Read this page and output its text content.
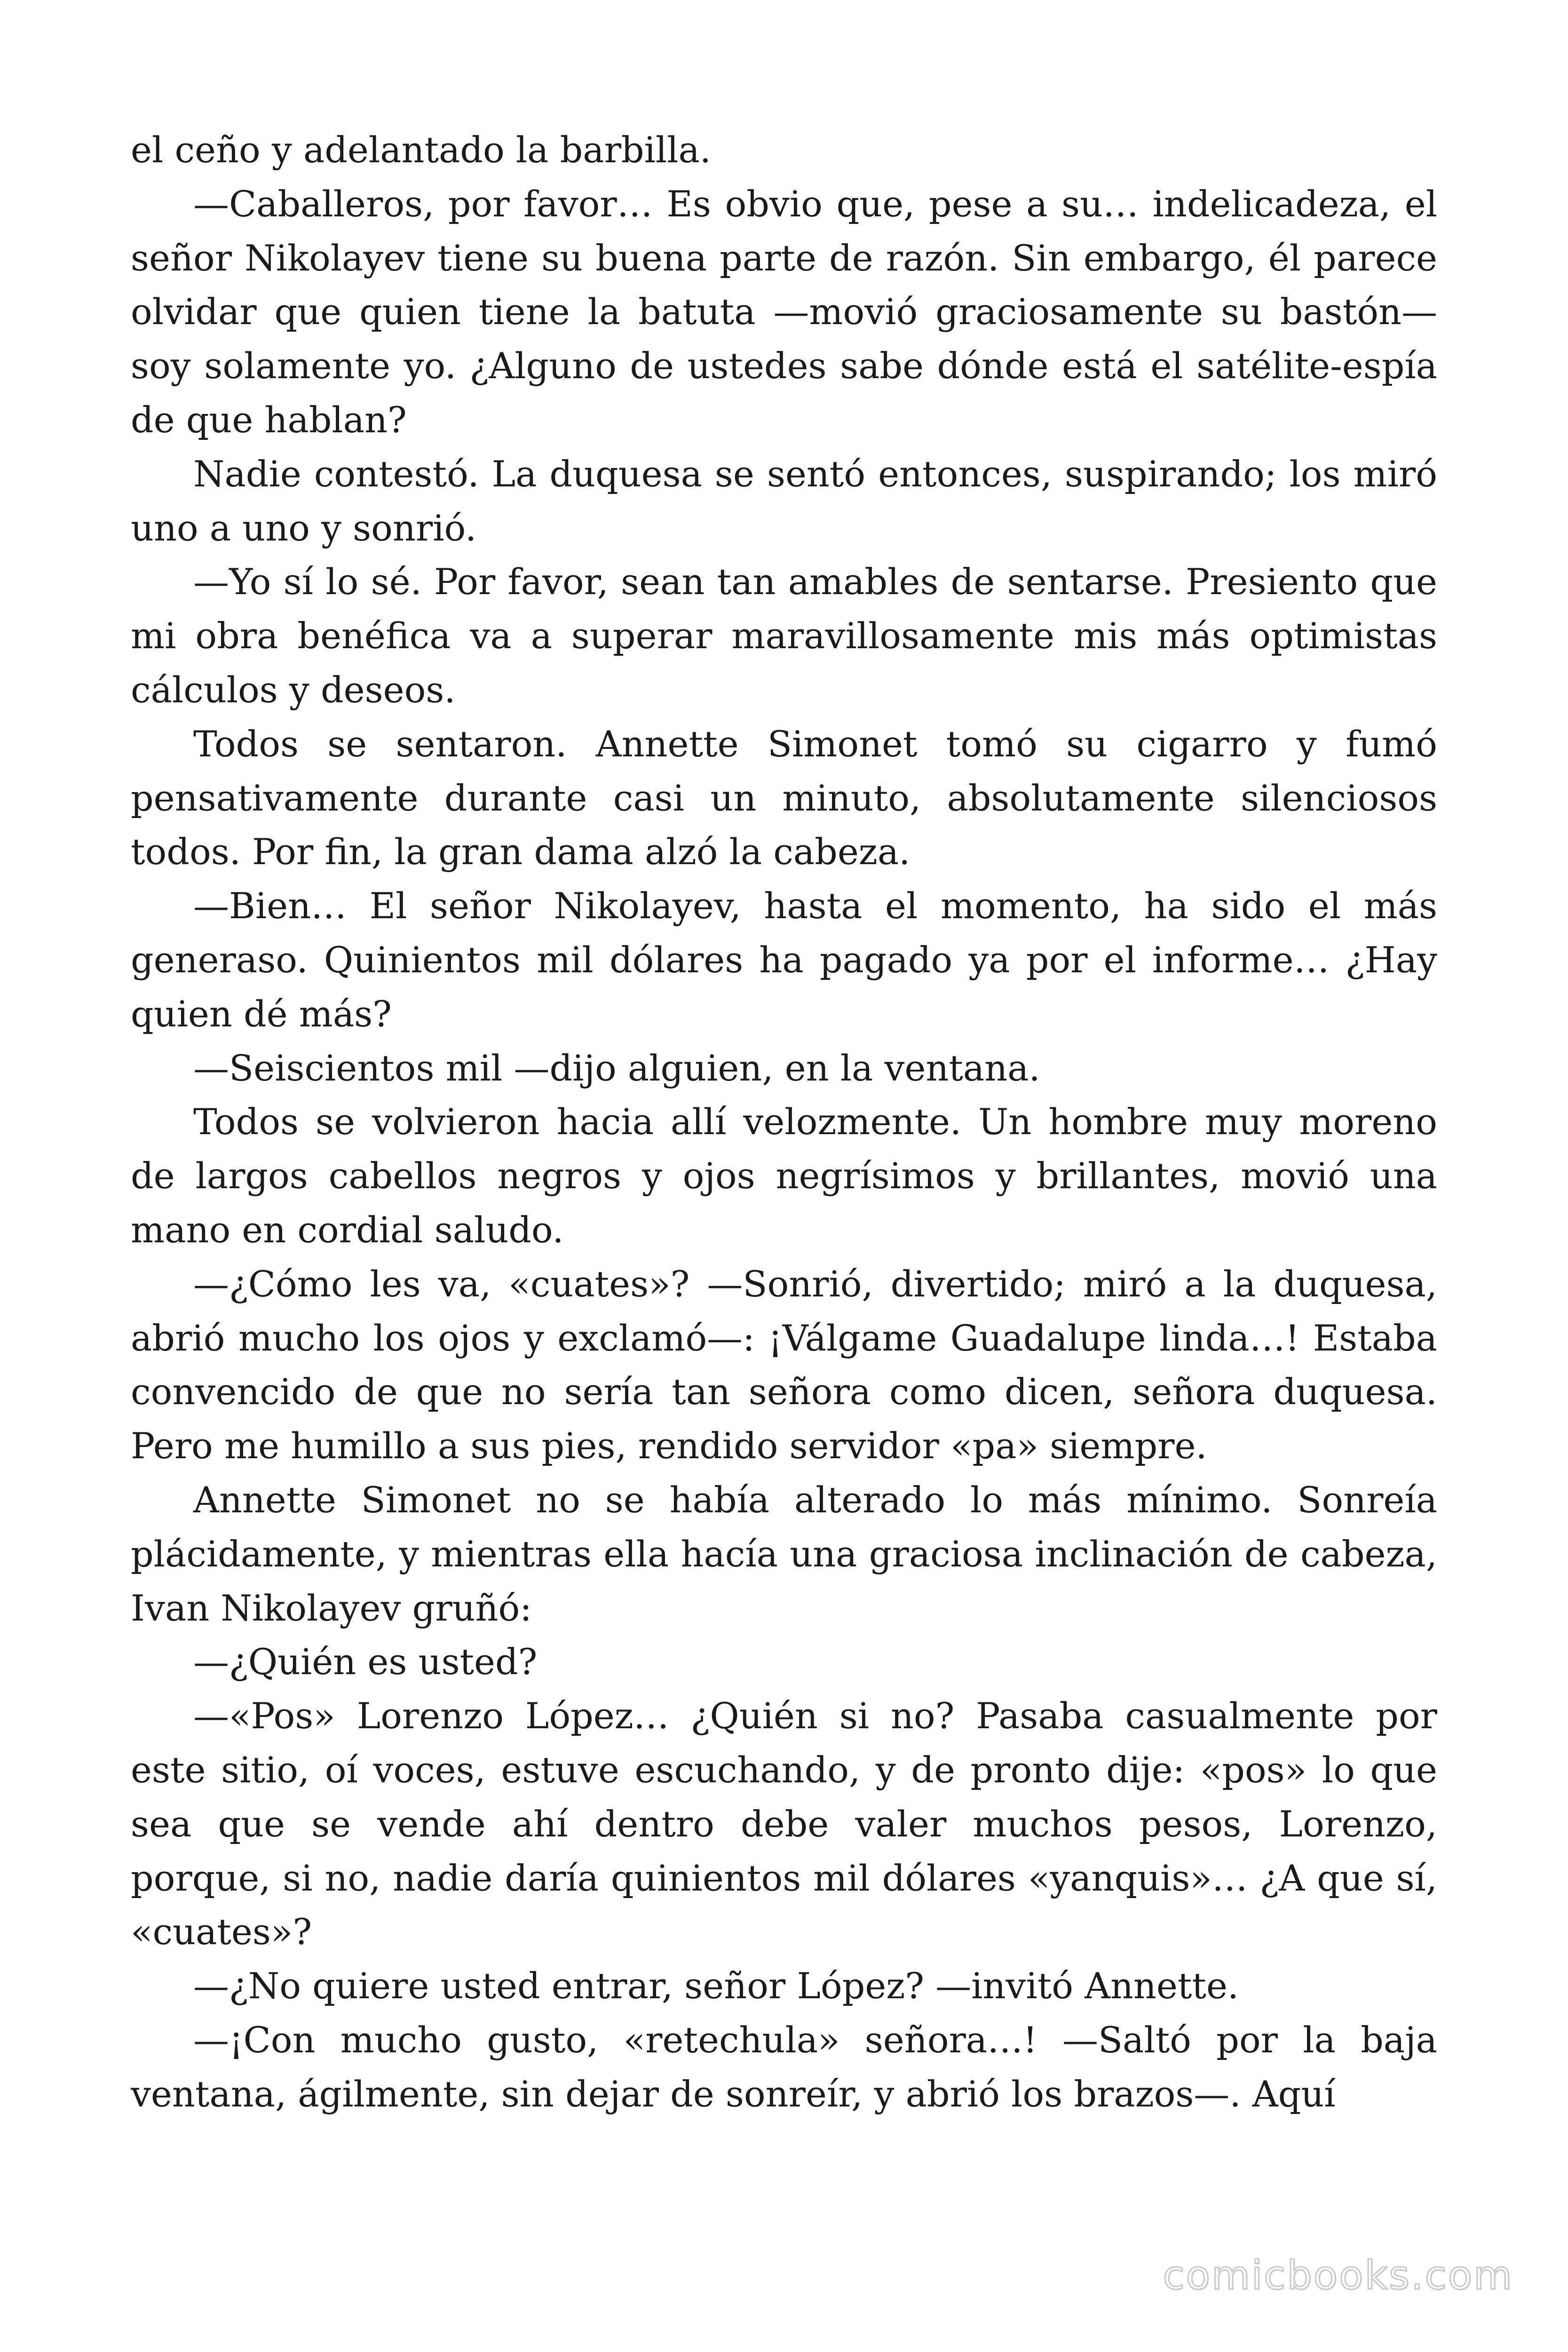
el ceño y adelantado la barbilla.

—Caballeros, por favor… Es obvio que, pese a su… indelicadeza, el señor Nikolayev tiene su buena parte de razón. Sin embargo, él parece olvidar que quien tiene la batuta —movió graciosamente su bastón— soy solamente yo. ¿Alguno de ustedes sabe dónde está el satélite-espía de que hablan?

Nadie contestó. La duquesa se sentó entonces, suspirando; los miró uno a uno y sonrió.

—Yo sí lo sé. Por favor, sean tan amables de sentarse. Presiento que mi obra benéfica va a superar maravillosamente mis más optimistas cálculos y deseos.

Todos se sentaron. Annette Simonet tomó su cigarro y fumó pensativamente durante casi un minuto, absolutamente silenciosos todos. Por fin, la gran dama alzó la cabeza.

—Bien… El señor Nikolayev, hasta el momento, ha sido el más generaso. Quinientos mil dólares ha pagado ya por el informe… ¿Hay quien dé más?

—Seiscientos mil —dijo alguien, en la ventana.

Todos se volvieron hacia allí velozmente. Un hombre muy moreno de largos cabellos negros y ojos negrísimos y brillantes, movió una mano en cordial saludo.

—¿Cómo les va, «cuates»? —Sonrió, divertido; miró a la duquesa, abrió mucho los ojos y exclamó—: ¡Válgame Guadalupe linda…! Estaba convencido de que no sería tan señora como dicen, señora duquesa. Pero me humillo a sus pies, rendido servidor «pa» siempre.

Annette Simonet no se había alterado lo más mínimo. Sonreía plácidamente, y mientras ella hacía una graciosa inclinación de cabeza, Ivan Nikolayev gruñó:

—¿Quién es usted?

—«Pos» Lorenzo López… ¿Quién si no? Pasaba casualmente por este sitio, oí voces, estuve escuchando, y de pronto dije: «pos» lo que sea que se vende ahí dentro debe valer muchos pesos, Lorenzo, porque, si no, nadie daría quinientos mil dólares «yanquis»… ¿A que sí, «cuates»?

—¿No quiere usted entrar, señor López? —invitó Annette.

—¡Con mucho gusto, «retechula» señora…! —Saltó por la baja ventana, ágilmente, sin dejar de sonreír, y abrió los brazos—. Aquí

comicbooks.com
